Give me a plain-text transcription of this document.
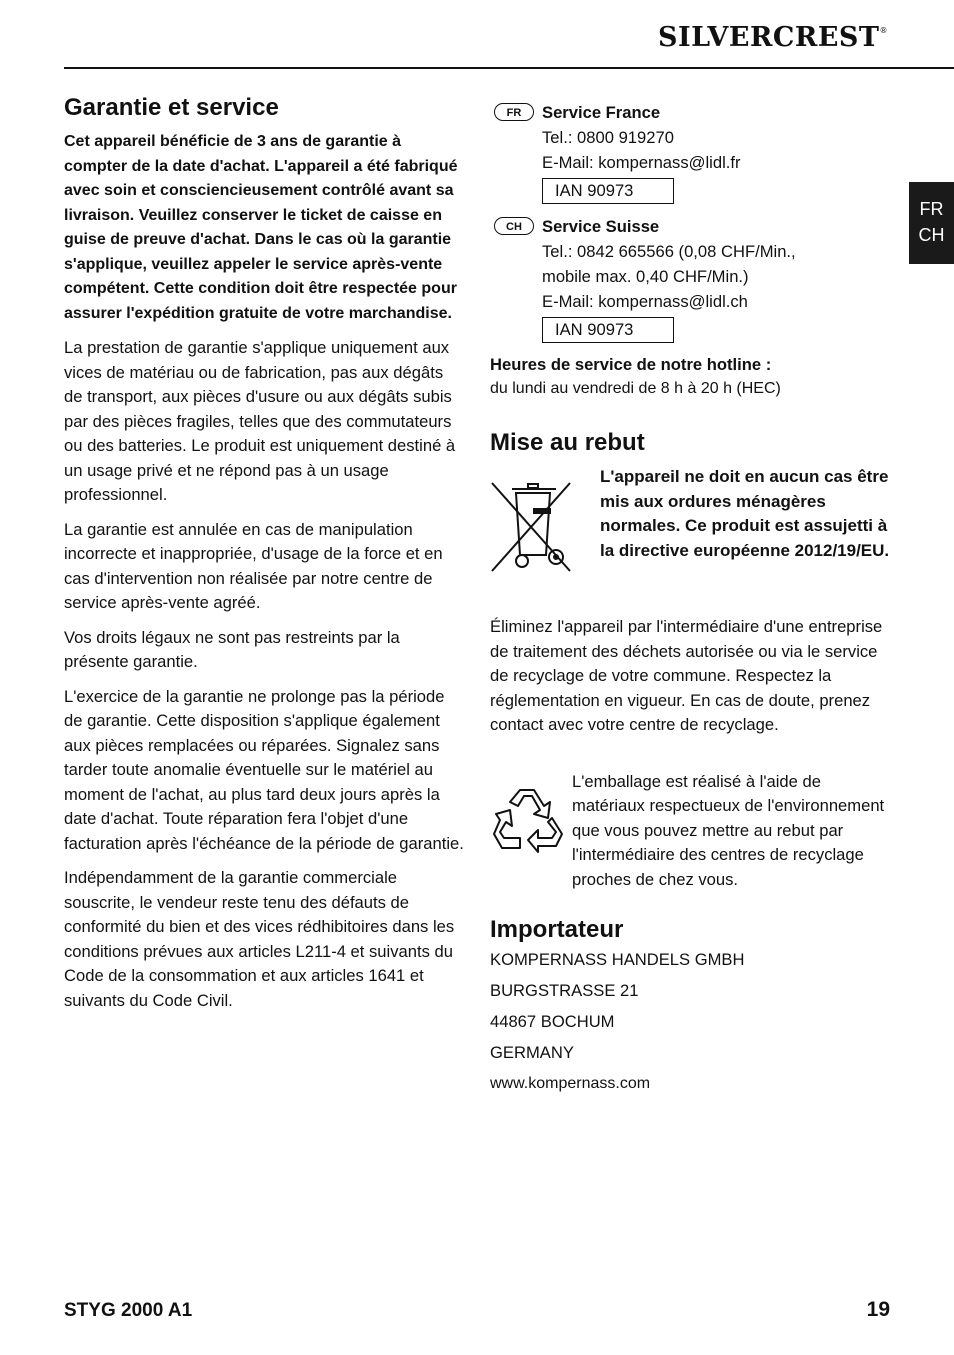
SILVERCREST®
FR
CH
Garantie et service

Cet appareil bénéficie de 3 ans de garantie à compter de la date d'achat. L'appareil a été fabriqué avec soin et consciencieusement contrôlé avant sa livraison. Veuillez conserver le ticket de caisse en guise de preuve d'achat. Dans le cas où la garantie s'applique, veuillez appeler le service après-vente compétent. Cette condition doit être respectée pour assurer l'expédition gratuite de votre marchandise.

La prestation de garantie s'applique uniquement aux vices de matériau ou de fabrication, pas aux dégâts de transport, aux pièces d'usure ou aux dégâts subis par des pièces fragiles, telles que des commutateurs ou des batteries. Le produit est uniquement destiné à un usage privé et ne répond pas à un usage professionnel.

La garantie est annulée en cas de manipulation incorrecte et inappropriée, d'usage de la force et en cas d'intervention non réalisée par notre centre de service après-vente agréé.

Vos droits légaux ne sont pas restreints par la présente garantie.

L'exercice de la garantie ne prolonge pas la période de garantie. Cette disposition s'applique également aux pièces remplacées ou réparées. Signalez sans tarder toute anomalie éventuelle sur le matériel au moment de l'achat, au plus tard deux jours après la date d'achat. Toute réparation fera l'objet d'une facturation après l'échéance de la période de garantie.

Indépendamment de la garantie commerciale souscrite, le vendeur reste tenu des défauts de conformité du bien et des vices rédhibitoires dans les conditions prévues aux articles L211-4 et suivants du Code de la consommation et aux articles 1641 et suivants du Code Civil.

FR	Service France
Tel.: 0800 919270
E-Mail: kompernass@lidl.fr
IAN 90973
CH	Service Suisse
Tel.: 0842 665566 (0,08 CHF/Min.,
mobile max. 0,40 CHF/Min.)
E-Mail: kompernass@lidl.ch
IAN 90973
Heures de service de notre hotline :
du lundi au vendredi de 8 h à 20 h (HEC)
Mise au rebut
L'appareil ne doit en aucun cas être mis aux ordures ménagères normales. Ce produit est assujetti à la directive européenne 2012/19/EU.

Éliminez l'appareil par l'intermédiaire d'une entreprise de traitement des déchets autorisée ou via le service de recyclage de votre commune. Respectez la réglementation en vigueur. En cas de doute, prenez contact avec votre centre de recyclage.

L'emballage est réalisé à l'aide de matériaux respectueux de l'environnement que vous pouvez mettre au rebut par l'intermédiaire des centres de recyclage proches de chez vous.
Importateur
KOMPERNASS HANDELS GMBH
BURGSTRASSE 21
44867 BOCHUM
GERMANY
www.kompernass.com
STYG 2000 A1	19
